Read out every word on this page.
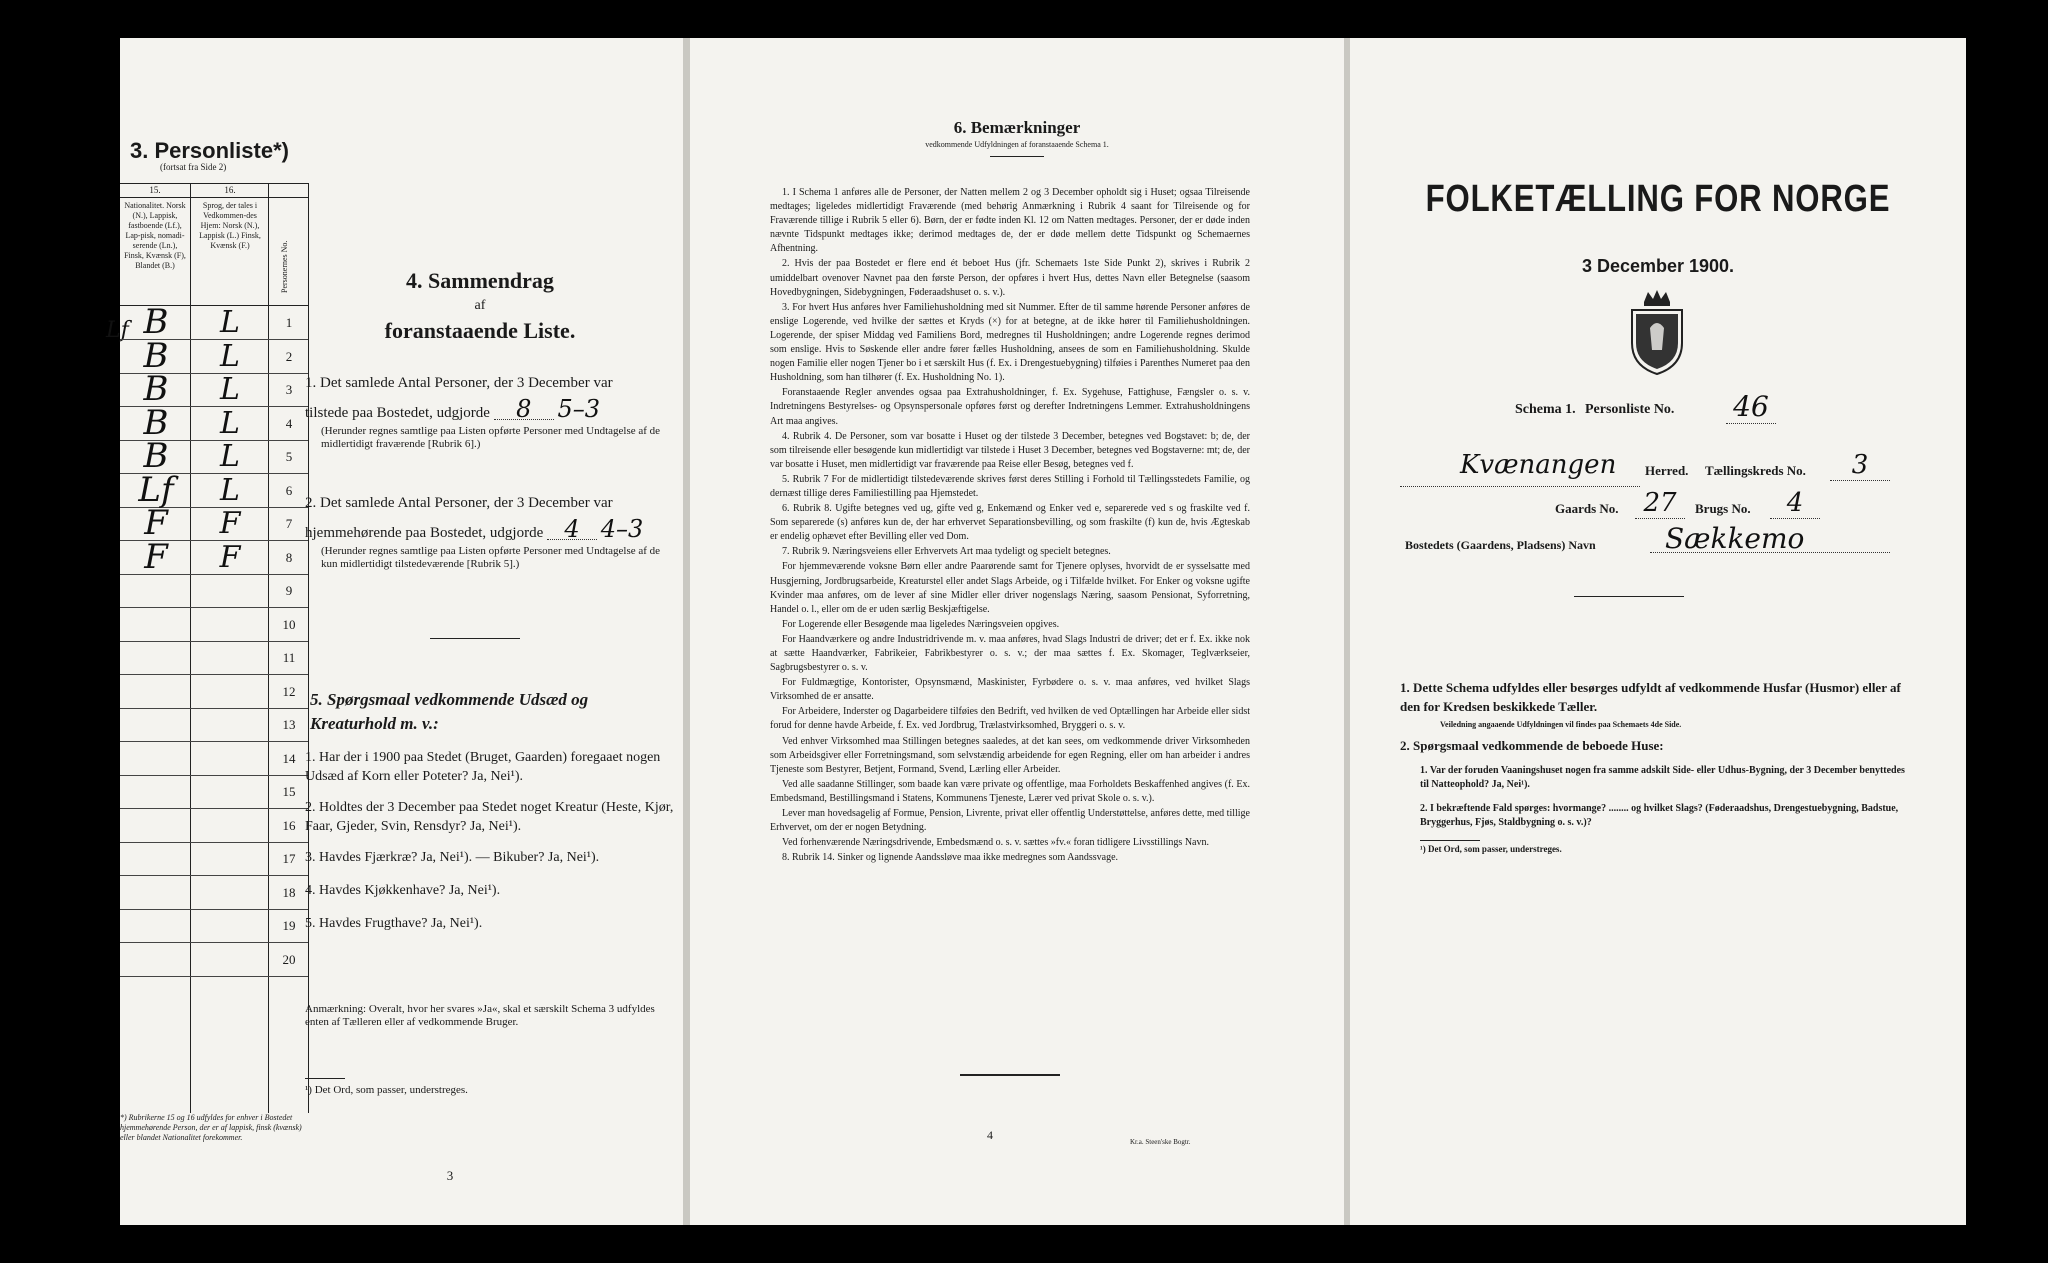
3. Personliste*)
(fortsat fra Side 2)
15.	16.
Nationalitet. Norsk (N.), Lappisk, fastboende (Lf.), Lap-pisk, nomadi-serende (Ln.), Finsk, Kvænsk (F), Blandet (B.)
Sprog, der tales i Vedkommen-des Hjem: Norsk (N.), Lappisk (L.) Finsk, Kvænsk (F.)	Personernes No.
Lf B	L	1
B	L	2
B	L	3
B	L	4
B	L	5
Lf	L	6
F	F	7
F	F	8
9
10
11
12
13
14
15
16
17
18
19
20
*) Rubrikerne 15 og 16 udfyldes for enhver i Bostedet hjemmehørende Person, der er af lappisk, finsk (kvænsk) eller blandet Nationalitet forekommer.
4. Sammendrag
af
foranstaaende Liste.
1. Det samlede Antal Personer, der 3 December var
tilstede paa Bostedet, udgjorde 8 5–3
(Herunder regnes samtlige paa Listen opførte Personer med Undtagelse af de midlertidigt fraværende [Rubrik 6].)
2. Det samlede Antal Personer, der 3 December var
hjemmehørende paa Bostedet, udgjorde 4 4–3
(Herunder regnes samtlige paa Listen opførte Personer med Undtagelse af de kun midlertidigt tilstedeværende [Rubrik 5].)
5. Spørgsmaal vedkommende Udsæd og Kreaturhold m. v.:
1. Har der i 1900 paa Stedet (Bruget, Gaarden) foregaaet nogen Udsæd af Korn eller Poteter? Ja, Nei¹).
2. Holdtes der 3 December paa Stedet noget Kreatur (Heste, Kjør, Faar, Gjeder, Svin, Rensdyr? Ja, Nei¹).
3. Havdes Fjærkræ? Ja, Nei¹). — Bikuber? Ja, Nei¹).
4. Havdes Kjøkkenhave? Ja, Nei¹).
5. Havdes Frugthave? Ja, Nei¹).
Anmærkning: Overalt, hvor her svares »Ja«, skal et særskilt Schema 3 udfyldes enten af Tælleren eller af vedkommende Bruger.
¹) Det Ord, som passer, understreges.
3
6. Bemærkninger
vedkommende Udfyldningen af foranstaaende Schema 1.

1. I Schema 1 anføres alle de Personer, der Natten mellem 2 og 3 December opholdt sig i Huset; ogsaa Tilreisende medtages; ligeledes midlertidigt Fraværende (med behørig Anmærkning i Rubrik 4 saant for Tilreisende og for Fraværende tillige i Rubrik 5 eller 6). Børn, der er fødte inden Kl. 12 om Natten medtages. Personer, der er døde inden nævnte Tidspunkt medtages ikke; derimod medtages de, der er døde mellem dette Tidspunkt og Schemaernes Afhentning.

2. Hvis der paa Bostedet er flere end ét beboet Hus (jfr. Schemaets 1ste Side Punkt 2), skrives i Rubrik 2 umiddelbart ovenover Navnet paa den første Person, der opføres i hvert Hus, dettes Navn eller Betegnelse (saasom Hovedbygningen, Sidebygningen, Føderaadshuset o. s. v.).

3. For hvert Hus anføres hver Familiehusholdning med sit Nummer. Efter de til samme hørende Personer anføres de enslige Logerende, ved hvilke der sættes et Kryds (×) for at betegne, at de ikke hører til Familiehusholdningen. Logerende, der spiser Middag ved Familiens Bord, medregnes til Husholdningen; andre Logerende regnes derimod som enslige. Hvis to Søskende eller andre fører fælles Husholdning, ansees de som en Familiehusholdning. Skulde nogen Familie eller nogen Tjener bo i et særskilt Hus (f. Ex. i Drengestuebygning) tilføies i Parenthes Numeret paa den Husholdning, som han tilhører (f. Ex. Husholdning No. 1).

Foranstaaende Regler anvendes ogsaa paa Extrahusholdninger, f. Ex. Sygehuse, Fattighuse, Fængsler o. s. v. Indretningens Bestyrelses- og Opsynspersonale opføres først og derefter Indretningens Lemmer. Extrahusholdningens Art maa angives.

4. Rubrik 4. De Personer, som var bosatte i Huset og der tilstede 3 December, betegnes ved Bogstavet: b; de, der som tilreisende eller besøgende kun midlertidigt var tilstede i Huset 3 December, betegnes ved Bogstaverne: mt; de, der var bosatte i Huset, men midlertidigt var fraværende paa Reise eller Besøg, betegnes ved f.

5. Rubrik 7 For de midlertidigt tilstedeværende skrives først deres Stilling i Forhold til Tællingsstedets Familie, og dernæst tillige deres Familiestilling paa Hjemstedet.

6. Rubrik 8. Ugifte betegnes ved ug, gifte ved g, Enkemænd og Enker ved e, separerede ved s og fraskilte ved f. Som separerede (s) anføres kun de, der har erhvervet Separationsbevilling, og som fraskilte (f) kun de, hvis Ægteskab er endelig ophævet efter Bevilling eller ved Dom.

7. Rubrik 9. Næringsveiens eller Erhvervets Art maa tydeligt og specielt betegnes.

For hjemmeværende voksne Børn eller andre Paarørende samt for Tjenere oplyses, hvorvidt de er sysselsatte med Husgjerning, Jordbrugsarbeide, Kreaturstel eller andet Slags Arbeide, og i Tilfælde hvilket. For Enker og voksne ugifte Kvinder maa anføres, om de lever af sine Midler eller driver nogenslags Næring, saasom Pensionat, Syforretning, Handel o. l., eller om de er uden særlig Beskjæftigelse.

For Logerende eller Besøgende maa ligeledes Næringsveien opgives.

For Haandværkere og andre Industridrivende m. v. maa anføres, hvad Slags Industri de driver; det er f. Ex. ikke nok at sætte Haandværker, Fabrikeier, Fabrikbestyrer o. s. v.; der maa sættes f. Ex. Skomager, Teglværkseier, Sagbrugsbestyrer o. s. v.

For Fuldmægtige, Kontorister, Opsynsmænd, Maskinister, Fyrbødere o. s. v. maa anføres, ved hvilket Slags Virksomhed de er ansatte.

For Arbeidere, Inderster og Dagarbeidere tilføies den Bedrift, ved hvilken de ved Optællingen har Arbeide eller sidst forud for denne havde Arbeide, f. Ex. ved Jordbrug, Trælastvirksomhed, Bryggeri o. s. v.

Ved enhver Virksomhed maa Stillingen betegnes saaledes, at det kan sees, om vedkommende driver Virksomheden som Arbeidsgiver eller Forretningsmand, som selvstændig arbeidende for egen Regning, eller om han arbeider i andres Tjeneste som Bestyrer, Betjent, Formand, Svend, Lærling eller Arbeider.

Ved alle saadanne Stillinger, som baade kan være private og offentlige, maa Forholdets Beskaffenhed angives (f. Ex. Embedsmand, Bestillingsmand i Statens, Kommunens Tjeneste, Lærer ved privat Skole o. s. v.).

Lever man hovedsagelig af Formue, Pension, Livrente, privat eller offentlig Understøttelse, anføres dette, med tillige Erhvervet, om der er nogen Betydning.

Ved forhenværende Næringsdrivende, Embedsmænd o. s. v. sættes »fv.« foran tidligere Livsstillings Navn.

8. Rubrik 14. Sinker og lignende Aandssløve maa ikke medregnes som Aandssvage.

4	Kr.a. Steen'ske Bogtr.
FOLKETÆLLING FOR NORGE
3 December 1900.
Schema 1. Personliste No. 46
Kvænangen Herred. Tællingskreds No.	3
Gaards No. 27	Brugs No.	4
Bostedets (Gaardens, Pladsens) Navn Sækkemo
1. Dette Schema udfyldes eller besørges udfyldt af vedkommende Husfar (Husmor) eller af den for Kredsen beskikkede Tæller.
Veiledning angaaende Udfyldningen vil findes paa Schemaets 4de Side.
2. Spørgsmaal vedkommende de beboede Huse:
1. Var der foruden Vaaningshuset nogen fra samme adskilt Side- eller Udhus-Bygning, der 3 December benyttedes til Natteophold? Ja, Nei¹).
2. I bekræftende Fald spørges: hvormange? ........ og hvilket Slags? (Føderaadshus, Drengestuebygning, Badstue, Bryggerhus, Fjøs, Staldbygning o. s. v.)?
¹) Det Ord, som passer, understreges.
